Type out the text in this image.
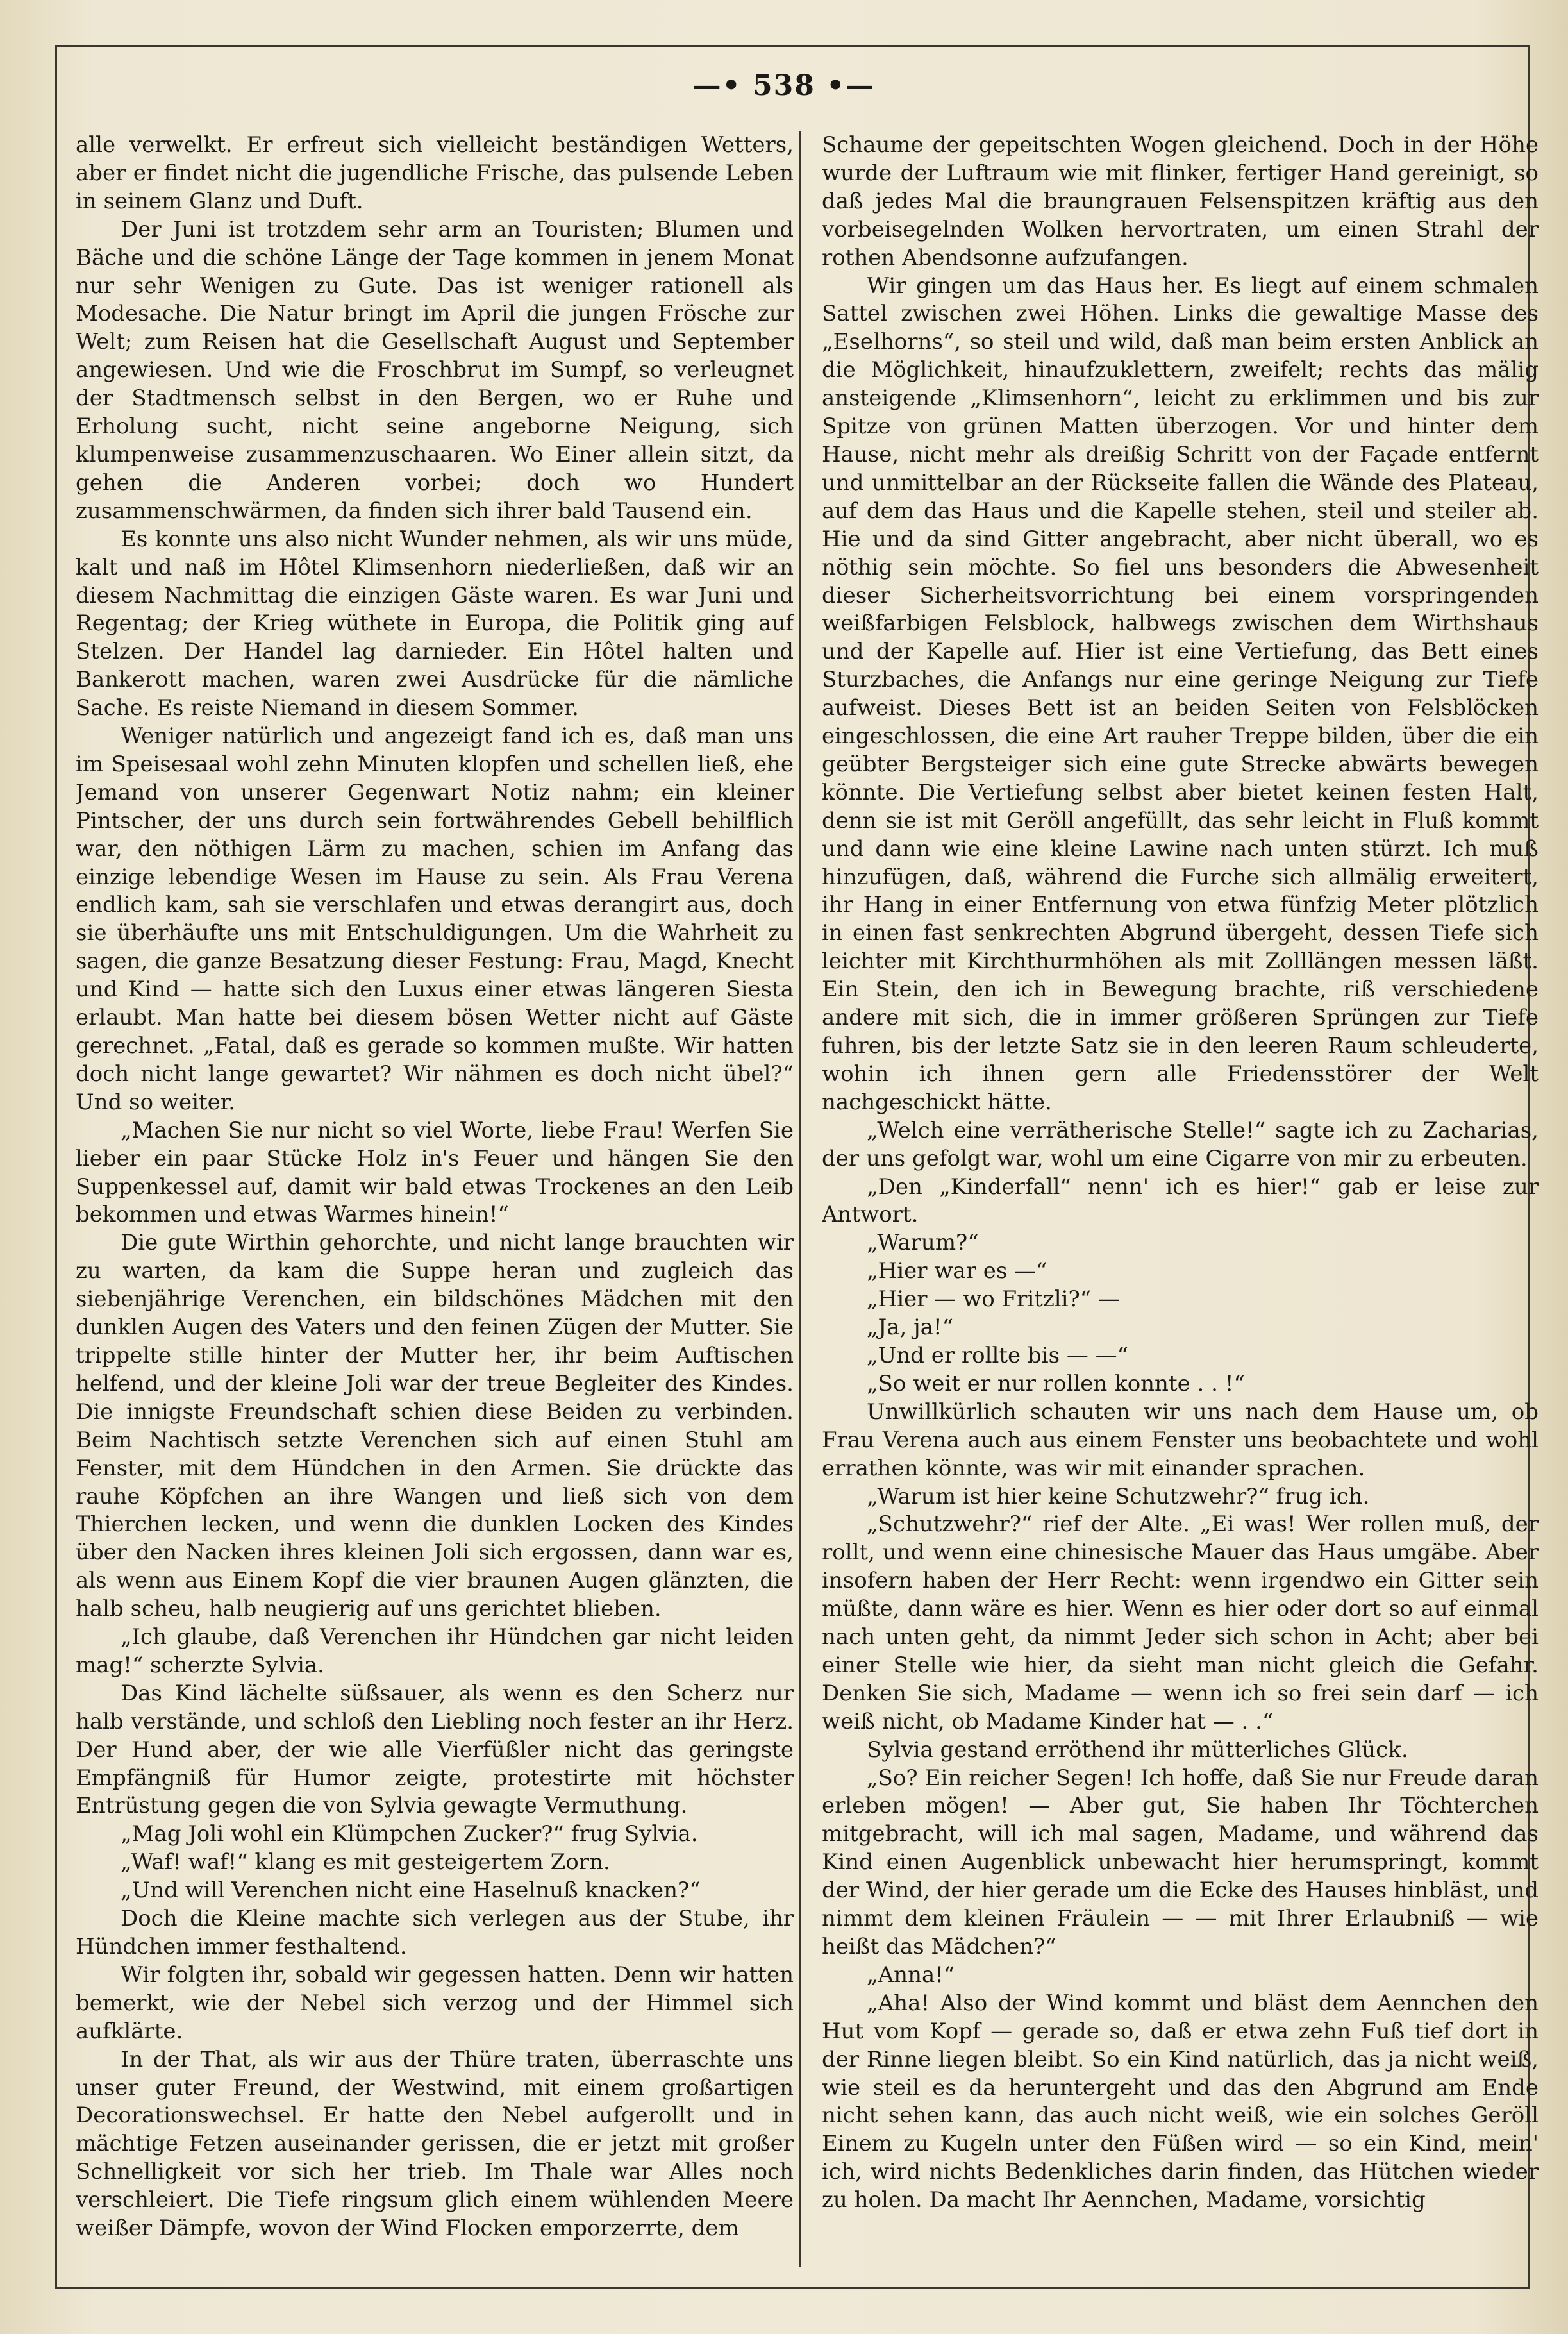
—• 538 •—

alle verwelkt. Er erfreut sich vielleicht beständigen Wetters, aber er findet nicht die jugendliche Frische, das pulsende Leben in seinem Glanz und Duft.

Der Juni ist trotzdem sehr arm an Touristen; Blumen und Bäche und die schöne Länge der Tage kommen in jenem Monat nur sehr Wenigen zu Gute. Das ist weniger rationell als Modesache. Die Natur bringt im April die jungen Frösche zur Welt; zum Reisen hat die Gesellschaft August und September angewiesen. Und wie die Froschbrut im Sumpf, so verleugnet der Stadtmensch selbst in den Bergen, wo er Ruhe und Erholung sucht, nicht seine angeborne Neigung, sich klumpenweise zusammenzuschaaren. Wo Einer allein sitzt, da gehen die Anderen vorbei; doch wo Hundert zusammenschwärmen, da finden sich ihrer bald Tausend ein.

Es konnte uns also nicht Wunder nehmen, als wir uns müde, kalt und naß im Hôtel Klimsenhorn niederließen, daß wir an diesem Nachmittag die einzigen Gäste waren. Es war Juni und Regentag; der Krieg wüthete in Europa, die Politik ging auf Stelzen. Der Handel lag darnieder. Ein Hôtel halten und Bankerott machen, waren zwei Ausdrücke für die nämliche Sache. Es reiste Niemand in diesem Sommer.

Weniger natürlich und angezeigt fand ich es, daß man uns im Speisesaal wohl zehn Minuten klopfen und schellen ließ, ehe Jemand von unserer Gegenwart Notiz nahm; ein kleiner Pintscher, der uns durch sein fortwährendes Gebell behilflich war, den nöthigen Lärm zu machen, schien im Anfang das einzige lebendige Wesen im Hause zu sein. Als Frau Verena endlich kam, sah sie verschlafen und etwas derangirt aus, doch sie überhäufte uns mit Entschuldigungen. Um die Wahrheit zu sagen, die ganze Besatzung dieser Festung: Frau, Magd, Knecht und Kind — hatte sich den Luxus einer etwas längeren Siesta erlaubt. Man hatte bei diesem bösen Wetter nicht auf Gäste gerechnet. „Fatal, daß es gerade so kommen mußte. Wir hatten doch nicht lange gewartet? Wir nähmen es doch nicht übel?“ Und so weiter.

„Machen Sie nur nicht so viel Worte, liebe Frau! Werfen Sie lieber ein paar Stücke Holz in's Feuer und hängen Sie den Suppenkessel auf, damit wir bald etwas Trockenes an den Leib bekommen und etwas Warmes hinein!“

Die gute Wirthin gehorchte, und nicht lange brauchten wir zu warten, da kam die Suppe heran und zugleich das siebenjährige Verenchen, ein bildschönes Mädchen mit den dunklen Augen des Vaters und den feinen Zügen der Mutter. Sie trippelte stille hinter der Mutter her, ihr beim Auftischen helfend, und der kleine Joli war der treue Begleiter des Kindes. Die innigste Freundschaft schien diese Beiden zu verbinden. Beim Nachtisch setzte Verenchen sich auf einen Stuhl am Fenster, mit dem Hündchen in den Armen. Sie drückte das rauhe Köpfchen an ihre Wangen und ließ sich von dem Thierchen lecken, und wenn die dunklen Locken des Kindes über den Nacken ihres kleinen Joli sich ergossen, dann war es, als wenn aus Einem Kopf die vier braunen Augen glänzten, die halb scheu, halb neugierig auf uns gerichtet blieben.

„Ich glaube, daß Verenchen ihr Hündchen gar nicht leiden mag!“ scherzte Sylvia.

Das Kind lächelte süßsauer, als wenn es den Scherz nur halb verstände, und schloß den Liebling noch fester an ihr Herz. Der Hund aber, der wie alle Vierfüßler nicht das geringste Empfängniß für Humor zeigte, protestirte mit höchster Entrüstung gegen die von Sylvia gewagte Vermuthung.

„Mag Joli wohl ein Klümpchen Zucker?“ frug Sylvia.

„Waf! waf!“ klang es mit gesteigertem Zorn.

„Und will Verenchen nicht eine Haselnuß knacken?“

Doch die Kleine machte sich verlegen aus der Stube, ihr Hündchen immer festhaltend.

Wir folgten ihr, sobald wir gegessen hatten. Denn wir hatten bemerkt, wie der Nebel sich verzog und der Himmel sich aufklärte.

In der That, als wir aus der Thüre traten, überraschte uns unser guter Freund, der Westwind, mit einem großartigen Decorationswechsel. Er hatte den Nebel aufgerollt und in mächtige Fetzen auseinander gerissen, die er jetzt mit großer Schnelligkeit vor sich her trieb. Im Thale war Alles noch verschleiert. Die Tiefe ringsum glich einem wühlenden Meere weißer Dämpfe, wovon der Wind Flocken emporzerrte, dem

Schaume der gepeitschten Wogen gleichend. Doch in der Höhe wurde der Luftraum wie mit flinker, fertiger Hand gereinigt, so daß jedes Mal die braungrauen Felsenspitzen kräftig aus den vorbeisegelnden Wolken hervortraten, um einen Strahl der rothen Abendsonne aufzufangen.

Wir gingen um das Haus her. Es liegt auf einem schmalen Sattel zwischen zwei Höhen. Links die gewaltige Masse des „Eselhorns“, so steil und wild, daß man beim ersten Anblick an die Möglichkeit, hinaufzuklettern, zweifelt; rechts das mälig ansteigende „Klimsenhorn“, leicht zu erklimmen und bis zur Spitze von grünen Matten überzogen. Vor und hinter dem Hause, nicht mehr als dreißig Schritt von der Façade entfernt und unmittelbar an der Rückseite fallen die Wände des Plateau, auf dem das Haus und die Kapelle stehen, steil und steiler ab. Hie und da sind Gitter angebracht, aber nicht überall, wo es nöthig sein möchte. So fiel uns besonders die Abwesenheit dieser Sicherheitsvorrichtung bei einem vorspringenden weißfarbigen Felsblock, halbwegs zwischen dem Wirthshaus und der Kapelle auf. Hier ist eine Vertiefung, das Bett eines Sturzbaches, die Anfangs nur eine geringe Neigung zur Tiefe aufweist. Dieses Bett ist an beiden Seiten von Felsblöcken eingeschlossen, die eine Art rauher Treppe bilden, über die ein geübter Bergsteiger sich eine gute Strecke abwärts bewegen könnte. Die Vertiefung selbst aber bietet keinen festen Halt, denn sie ist mit Geröll angefüllt, das sehr leicht in Fluß kommt und dann wie eine kleine Lawine nach unten stürzt. Ich muß hinzufügen, daß, während die Furche sich allmälig erweitert, ihr Hang in einer Entfernung von etwa fünfzig Meter plötzlich in einen fast senkrechten Abgrund übergeht, dessen Tiefe sich leichter mit Kirchthurmhöhen als mit Zolllängen messen läßt. Ein Stein, den ich in Bewegung brachte, riß verschiedene andere mit sich, die in immer größeren Sprüngen zur Tiefe fuhren, bis der letzte Satz sie in den leeren Raum schleuderte, wohin ich ihnen gern alle Friedensstörer der Welt nachgeschickt hätte.

„Welch eine verrätherische Stelle!“ sagte ich zu Zacharias, der uns gefolgt war, wohl um eine Cigarre von mir zu erbeuten.

„Den „Kinderfall“ nenn' ich es hier!“ gab er leise zur Antwort.

„Warum?“

„Hier war es —“

„Hier — wo Fritzli?“ —

„Ja, ja!“

„Und er rollte bis — —“

„So weit er nur rollen konnte . . !“

Unwillkürlich schauten wir uns nach dem Hause um, ob Frau Verena auch aus einem Fenster uns beobachtete und wohl errathen könnte, was wir mit einander sprachen.

„Warum ist hier keine Schutzwehr?“ frug ich.

„Schutzwehr?“ rief der Alte. „Ei was! Wer rollen muß, der rollt, und wenn eine chinesische Mauer das Haus umgäbe. Aber insofern haben der Herr Recht: wenn irgendwo ein Gitter sein müßte, dann wäre es hier. Wenn es hier oder dort so auf einmal nach unten geht, da nimmt Jeder sich schon in Acht; aber bei einer Stelle wie hier, da sieht man nicht gleich die Gefahr. Denken Sie sich, Madame — wenn ich so frei sein darf — ich weiß nicht, ob Madame Kinder hat — . .“

Sylvia gestand erröthend ihr mütterliches Glück.

„So? Ein reicher Segen! Ich hoffe, daß Sie nur Freude daran erleben mögen! — Aber gut, Sie haben Ihr Töchterchen mitgebracht, will ich mal sagen, Madame, und während das Kind einen Augenblick unbewacht hier herumspringt, kommt der Wind, der hier gerade um die Ecke des Hauses hinbläst, und nimmt dem kleinen Fräulein — — mit Ihrer Erlaubniß — wie heißt das Mädchen?“

„Anna!“

„Aha! Also der Wind kommt und bläst dem Aennchen den Hut vom Kopf — gerade so, daß er etwa zehn Fuß tief dort in der Rinne liegen bleibt. So ein Kind natürlich, das ja nicht weiß, wie steil es da heruntergeht und das den Abgrund am Ende nicht sehen kann, das auch nicht weiß, wie ein solches Geröll Einem zu Kugeln unter den Füßen wird — so ein Kind, mein' ich, wird nichts Bedenkliches darin finden, das Hütchen wieder zu holen. Da macht Ihr Aennchen, Madame, vorsichtig
